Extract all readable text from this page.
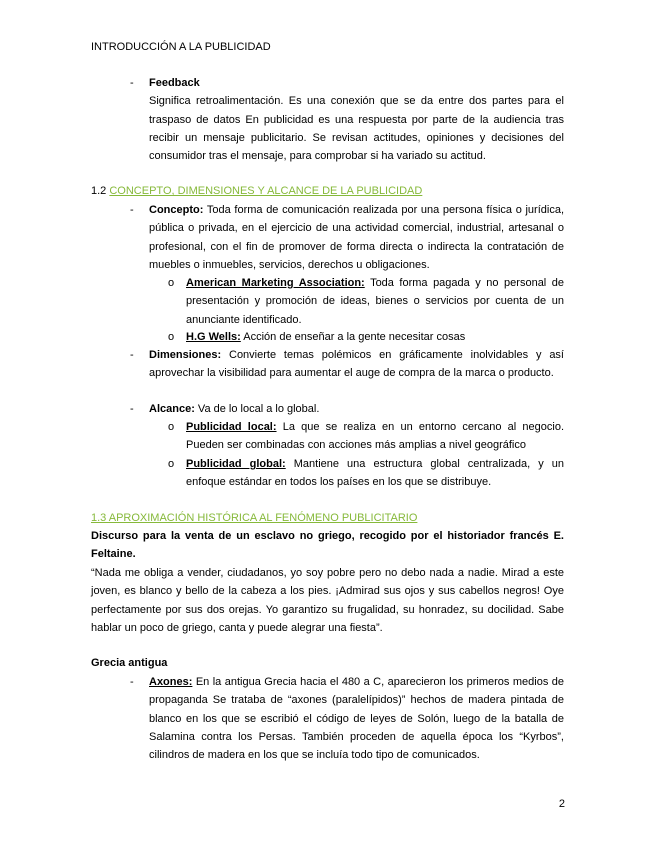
INTRODUCCIÓN A LA PUBLICIDAD
-	Feedback

Significa retroalimentación. Es una conexión que se da entre dos partes para el traspaso de datos En publicidad es una respuesta por parte de la audiencia tras recibir un mensaje publicitario. Se revisan actitudes, opiniones y decisiones del consumidor tras el mensaje, para comprobar si ha variado su actitud.

1.2 CONCEPTO, DIMENSIONES Y ALCANCE DE LA PUBLICIDAD
-	Concepto: Toda forma de comunicación realizada por una persona física o jurídica, pública o privada, en el ejercicio de una actividad comercial, industrial, artesanal o profesional, con el fin de promover de forma directa o indirecta la contratación de muebles o inmuebles, servicios, derechos u obligaciones.
o American Marketing Association: Toda forma pagada y no personal de presentación y promoción de ideas, bienes o servicios por cuenta de un anunciante identificado.
o H.G Wells: Acción de enseñar a la gente necesitar cosas
-	Dimensiones: Convierte temas polémicos en gráficamente inolvidables y así aprovechar la visibilidad para aumentar el auge de compra de la marca o producto.
-	Alcance: Va de lo local a lo global.
o Publicidad local: La que se realiza en un entorno cercano al negocio. Pueden ser combinadas con acciones más amplias a nivel geográfico
o Publicidad global: Mantiene una estructura global centralizada, y un enfoque estándar en todos los países en los que se distribuye.
1.3 APROXIMACIÓN HISTÓRICA AL FENÓMENO PUBLICITARIO
Discurso para la venta de un esclavo no griego, recogido por el historiador francés E. Feltaine.
“Nada me obliga a vender, ciudadanos, yo soy pobre pero no debo nada a nadie. Mirad a este joven, es blanco y bello de la cabeza a los pies. ¡Admirad sus ojos y sus cabellos negros! Oye perfectamente por sus dos orejas. Yo garantizo su frugalidad, su honradez, su docilidad. Sabe hablar un poco de griego, canta y puede alegrar una fiesta”.
Grecia antigua
-	Axones: En la antigua Grecia hacia el 480 a C, aparecieron los primeros medios de propaganda Se trataba de “axones (paralelípidos)” hechos de madera pintada de blanco en los que se escribió el código de leyes de Solón, luego de la batalla de Salamina contra los Persas. También proceden de aquella época los “Kyrbos”, cilindros de madera en los que se incluía todo tipo de comunicados.
2
